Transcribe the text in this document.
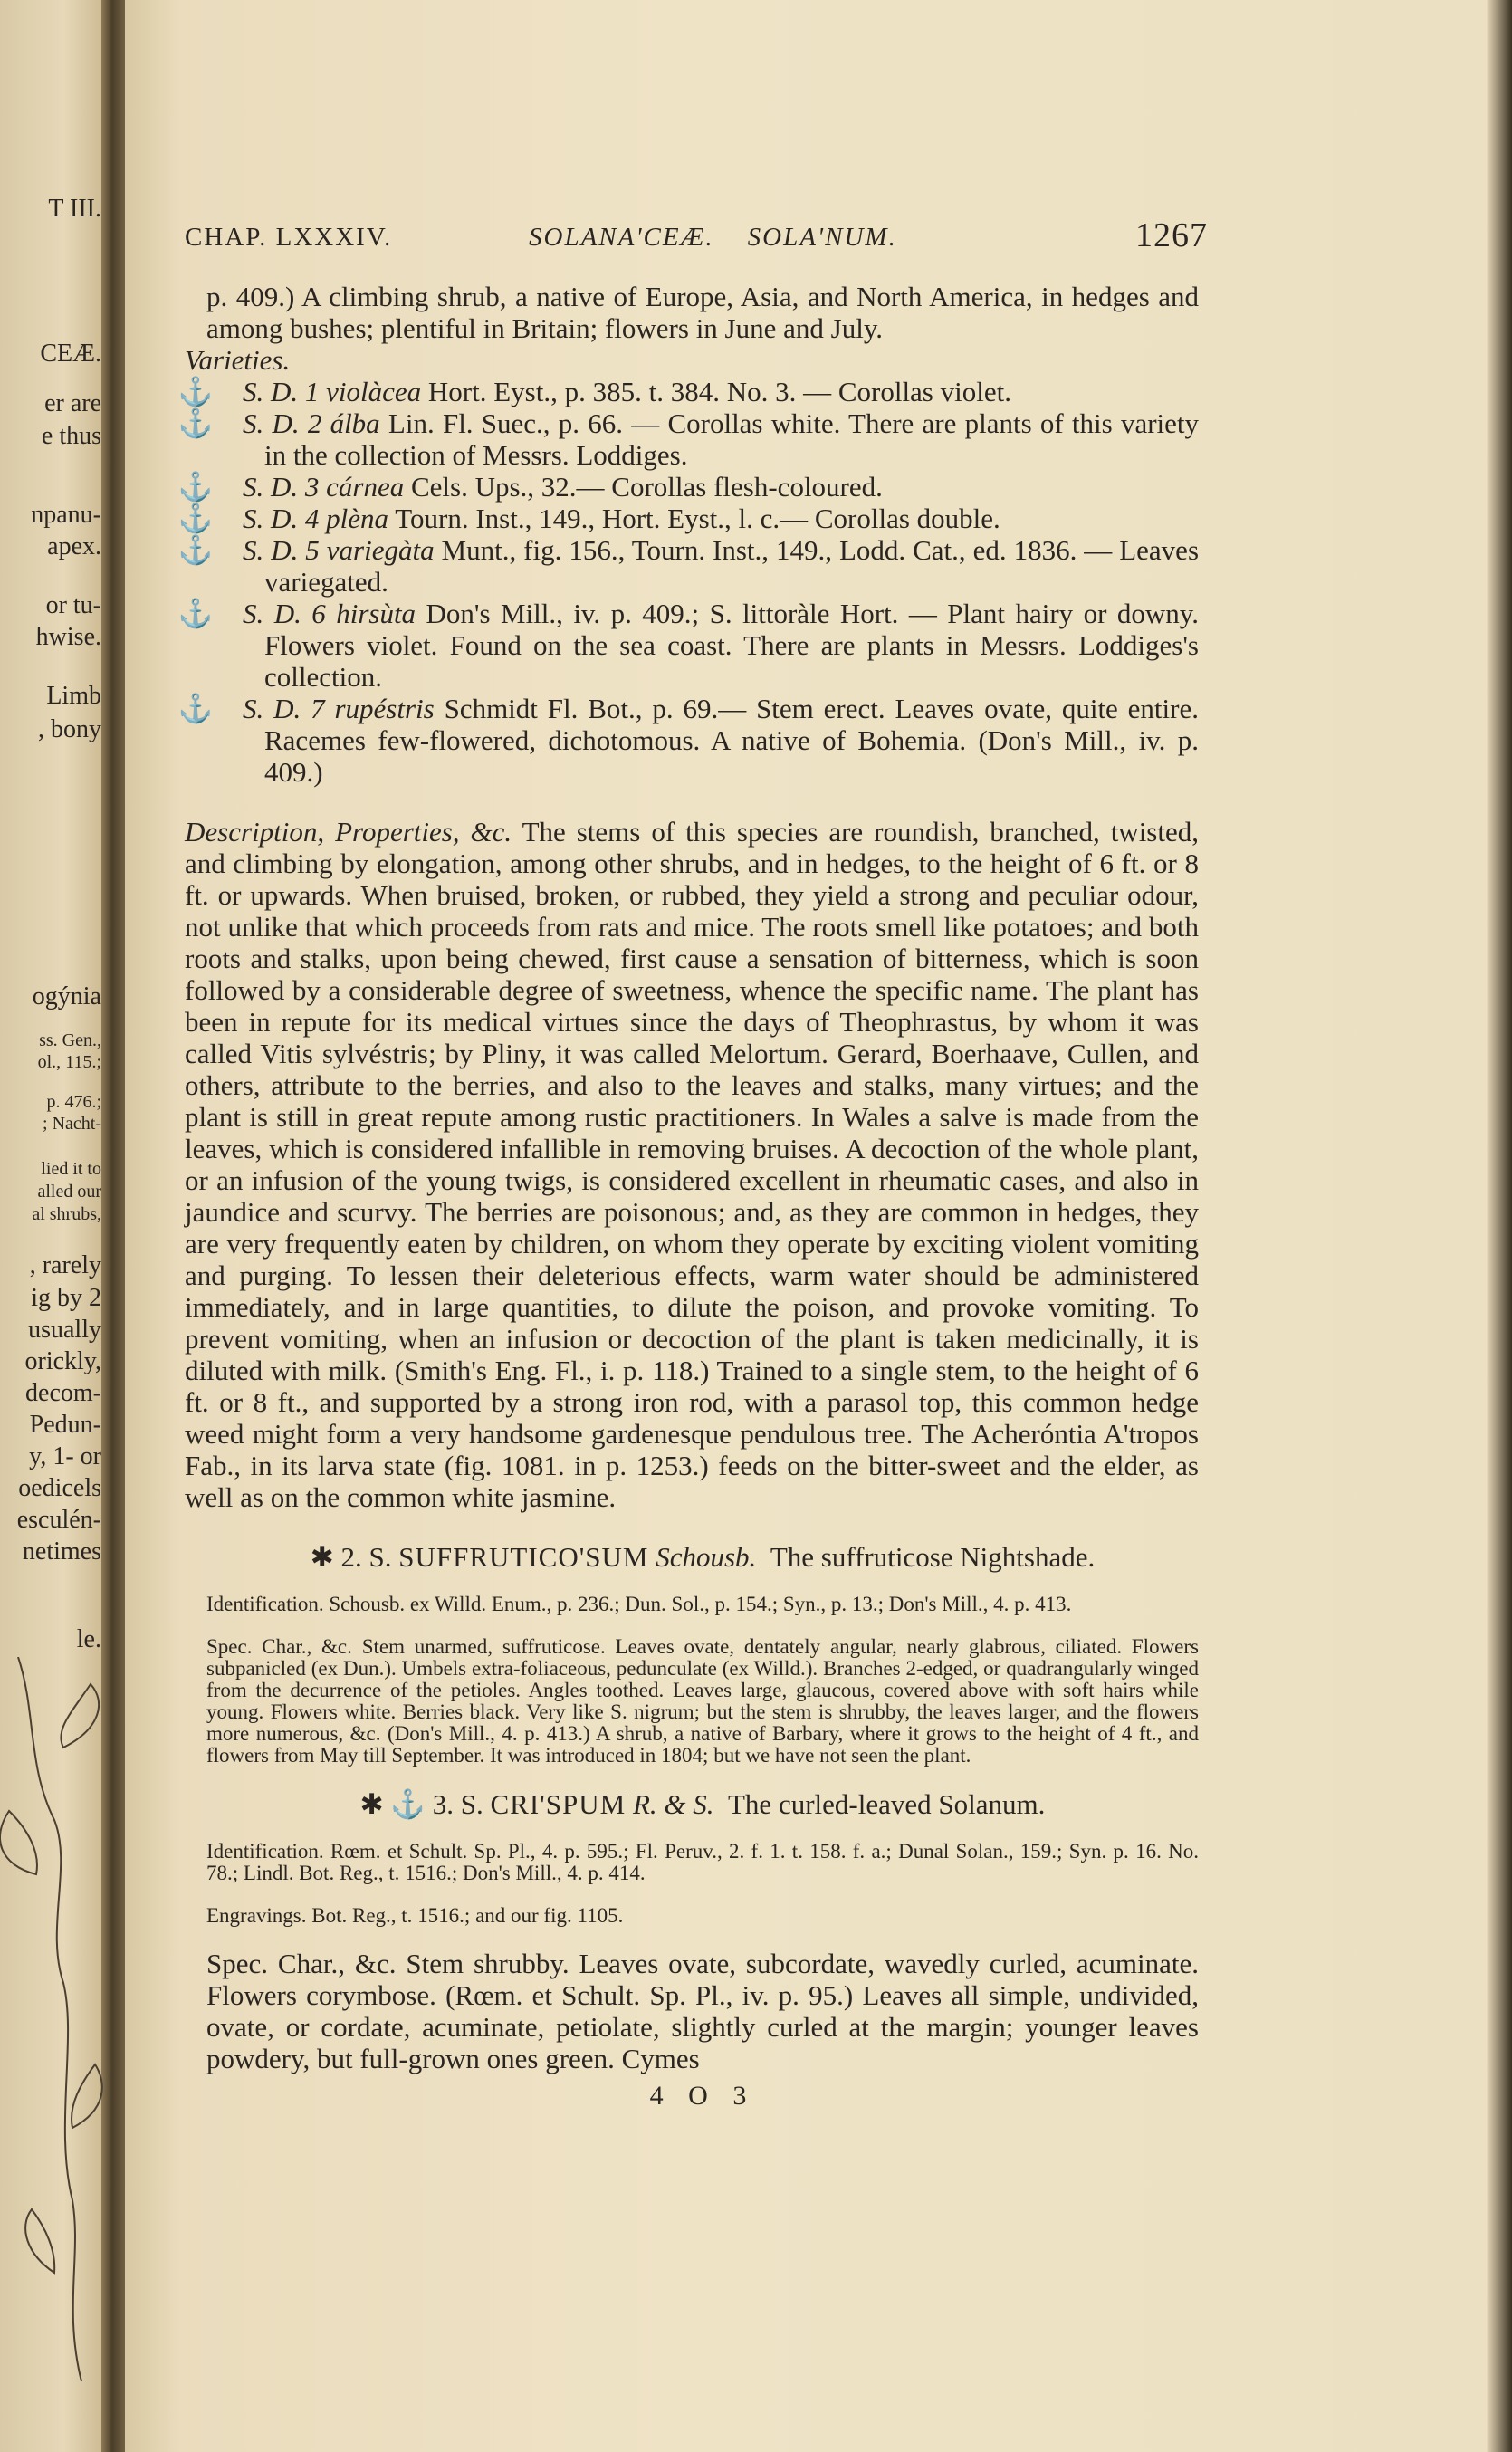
T III.
CEÆ.
er are
e thus
npanu-
apex.
or tu-
hwise.
Limb
, bony
ogýnia
ss. Gen.,
ol., 115.;
p. 476.;
; Nacht-
lied it to
alled our
al shrubs,
, rarely
ig by 2
usually
orickly,
decom-
Pedun-
y, 1- or
oedicels
esculén-
netimes
le.
CHAP. LXXXIV.	SOLANA'CEÆ. SOLA'NUM.	1267

p. 409.) A climbing shrub, a native of Europe, Asia, and North America, in hedges and among bushes; plentiful in Britain; flowers in June and July.

Varieties.

⚓ S. D. 1 violàcea Hort. Eyst., p. 385. t. 384. No. 3. — Corollas violet.

⚓ S. D. 2 álba Lin. Fl. Suec., p. 66. — Corollas white. There are plants of this variety in the collection of Messrs. Loddiges.

⚓ S. D. 3 cárnea Cels. Ups., 32.— Corollas flesh-coloured.

⚓ S. D. 4 plèna Tourn. Inst., 149., Hort. Eyst., l. c.— Corollas double.

⚓ S. D. 5 variegàta Munt., fig. 156., Tourn. Inst., 149., Lodd. Cat., ed. 1836. — Leaves variegated.

⚓ S. D. 6 hirsùta Don's Mill., iv. p. 409.; S. littoràle Hort. — Plant hairy or downy. Flowers violet. Found on the sea coast. There are plants in Messrs. Loddiges's collection.

⚓ S. D. 7 rupéstris Schmidt Fl. Bot., p. 69.— Stem erect. Leaves ovate, quite entire. Racemes few-flowered, dichotomous. A native of Bohemia. (Don's Mill., iv. p. 409.)

Description, Properties, &c. The stems of this species are roundish, branched, twisted, and climbing by elongation, among other shrubs, and in hedges, to the height of 6 ft. or 8 ft. or upwards. When bruised, broken, or rubbed, they yield a strong and peculiar odour, not unlike that which proceeds from rats and mice. The roots smell like potatoes; and both roots and stalks, upon being chewed, first cause a sensation of bitterness, which is soon followed by a considerable degree of sweetness, whence the specific name. The plant has been in repute for its medical virtues since the days of Theophrastus, by whom it was called Vitis sylvéstris; by Pliny, it was called Melortum. Gerard, Boerhaave, Cullen, and others, attribute to the berries, and also to the leaves and stalks, many virtues; and the plant is still in great repute among rustic practitioners. In Wales a salve is made from the leaves, which is considered infallible in removing bruises. A decoction of the whole plant, or an infusion of the young twigs, is considered excellent in rheumatic cases, and also in jaundice and scurvy. The berries are poisonous; and, as they are common in hedges, they are very frequently eaten by children, on whom they operate by exciting violent vomiting and purging. To lessen their deleterious effects, warm water should be administered immediately, and in large quantities, to dilute the poison, and provoke vomiting. To prevent vomiting, when an infusion or decoction of the plant is taken medicinally, it is diluted with milk. (Smith's Eng. Fl., i. p. 118.) Trained to a single stem, to the height of 6 ft. or 8 ft., and supported by a strong iron rod, with a parasol top, this common hedge weed might form a very handsome gardenesque pendulous tree. The Acheróntia A'tropos Fab., in its larva state (fig. 1081. in p. 1253.) feeds on the bitter-sweet and the elder, as well as on the common white jasmine.

✱ 2. S. SUFFRUTICO'SUM Schousb. The suffruticose Nightshade.

Identification. Schousb. ex Willd. Enum., p. 236.; Dun. Sol., p. 154.; Syn., p. 13.; Don's Mill., 4. p. 413.

Spec. Char., &c. Stem unarmed, suffruticose. Leaves ovate, dentately angular, nearly glabrous, ciliated. Flowers subpanicled (ex Dun.). Umbels extra-foliaceous, pedunculate (ex Willd.). Branches 2-edged, or quadrangularly winged from the decurrence of the petioles. Angles toothed. Leaves large, glaucous, covered above with soft hairs while young. Flowers white. Berries black. Very like S. nigrum; but the stem is shrubby, the leaves larger, and the flowers more numerous, &c. (Don's Mill., 4. p. 413.) A shrub, a native of Barbary, where it grows to the height of 4 ft., and flowers from May till September. It was introduced in 1804; but we have not seen the plant.

✱ ⚓ 3. S. CRI'SPUM R. & S. The curled-leaved Solanum.

Identification. Rœm. et Schult. Sp. Pl., 4. p. 595.; Fl. Peruv., 2. f. 1. t. 158. f. a.; Dunal Solan., 159.; Syn. p. 16. No. 78.; Lindl. Bot. Reg., t. 1516.; Don's Mill., 4. p. 414.

Engravings. Bot. Reg., t. 1516.; and our fig. 1105.

Spec. Char., &c. Stem shrubby. Leaves ovate, subcordate, wavedly curled, acuminate. Flowers corymbose. (Rœm. et Schult. Sp. Pl., iv. p. 95.) Leaves all simple, undivided, ovate, or cordate, acuminate, petiolate, slightly curled at the margin; younger leaves powdery, but full-grown ones green. Cymes

4 O 3
